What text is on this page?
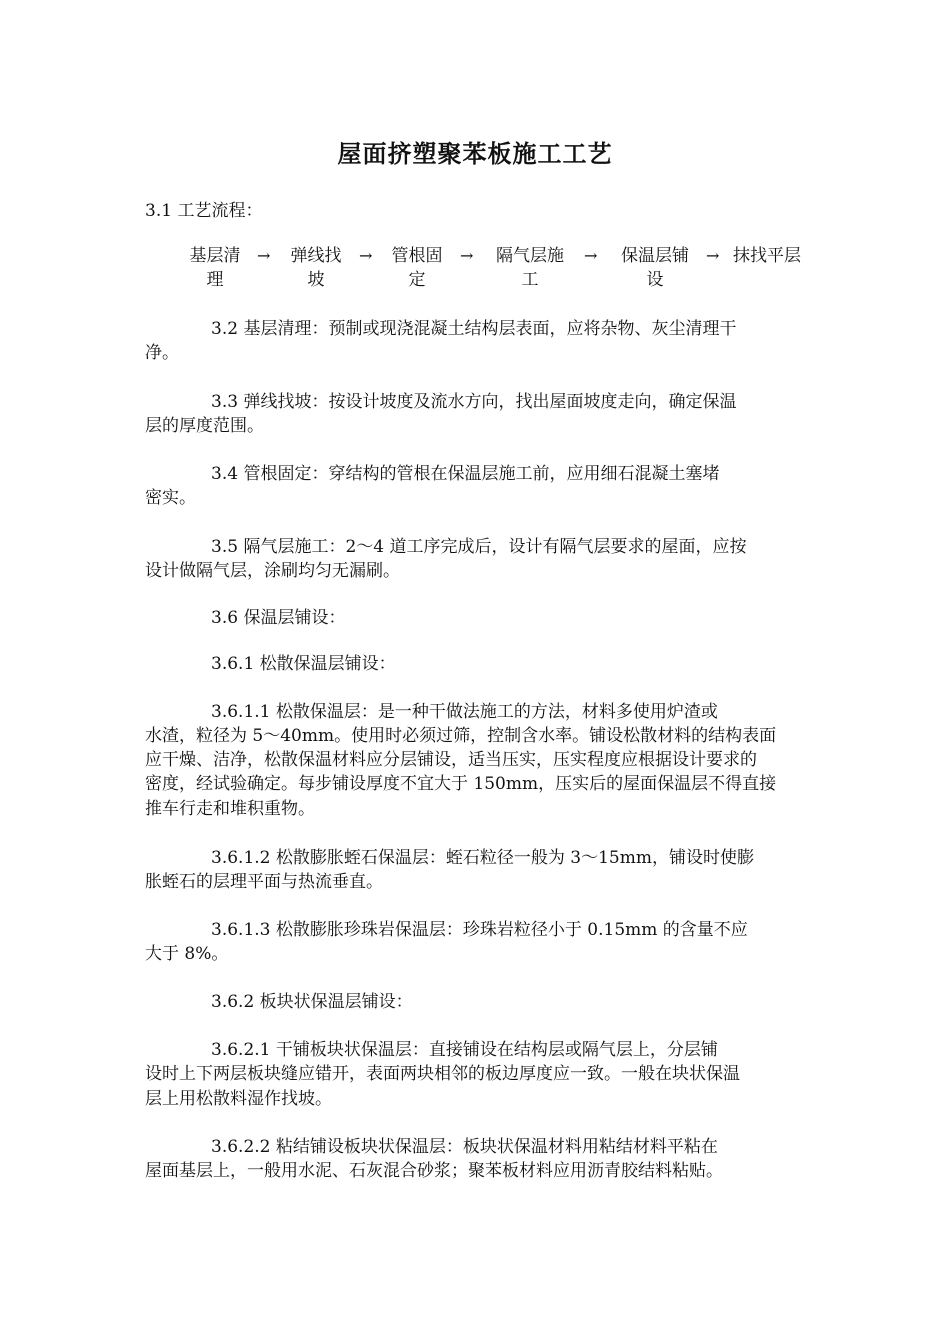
屋面挤塑聚苯板施工工艺
3.1 工艺流程：
基层清
理
→ 弹线找
坡
→ 管根固
定
→	隔气层施
工
→	保温层铺
设
→ 抹找平层
3.2 基层清理：预制或现浇混凝土结构层表面，应将杂物、灰尘清理干
净。
3.3 弹线找坡：按设计坡度及流水方向，找出屋面坡度走向，确定保温
层的厚度范围。
3.4 管根固定：穿结构的管根在保温层施工前，应用细石混凝土塞堵
密实。
3.5 隔气层施工：2～4 道工序完成后，设计有隔气层要求的屋面，应按
设计做隔气层，涂刷均匀无漏刷。
3.6 保温层铺设：
3.6.1 松散保温层铺设：
3.6.1.1 松散保温层：是一种干做法施工的方法，材料多使用炉渣或
水渣，粒径为 5～40mm。使用时必须过筛，控制含水率。铺设松散材料的结构表面
应干燥、洁净，松散保温材料应分层铺设，适当压实，压实程度应根据设计要求的
密度，经试验确定。每步铺设厚度不宜大于 150mm，压实后的屋面保温层不得直接
推车行走和堆积重物。
3.6.1.2 松散膨胀蛭石保温层：蛭石粒径一般为 3～15mm，铺设时使膨
胀蛭石的层理平面与热流垂直。
3.6.1.3 松散膨胀珍珠岩保温层：珍珠岩粒径小于 0.15mm 的含量不应
大于 8%。
3.6.2 板块状保温层铺设：
3.6.2.1 干铺板块状保温层：直接铺设在结构层或隔气层上，分层铺
设时上下两层板块缝应错开，表面两块相邻的板边厚度应一致。一般在块状保温
层上用松散料湿作找坡。
3.6.2.2 粘结铺设板块状保温层：板块状保温材料用粘结材料平粘在
屋面基层上，一般用水泥、石灰混合砂浆；聚苯板材料应用沥青胶结料粘贴。
